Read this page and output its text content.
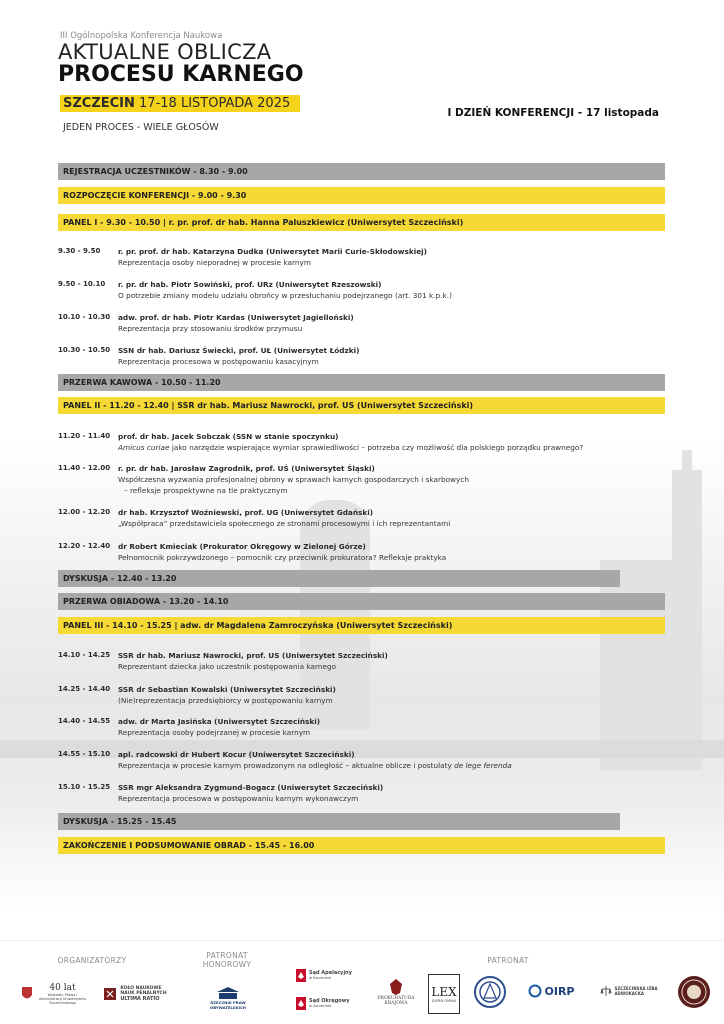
III Ogólnopolska Konferencja Naukowa
AKTUALNE OBLICZA
PROCESU KARNEGO
SZCZECIN 17-18 LISTOPADA 2025
JEDEN PROCES - WIELE GŁOSÓW
I DZIEŃ KONFERENCJI - 17 listopada
REJESTRACJA UCZESTNIKÓW - 8.30 - 9.00
ROZPOCZĘCIE KONFERENCJI - 9.00 - 9.30
PANEL I - 9.30 - 10.50 | r. pr. prof. dr hab. Hanna Paluszkiewicz (Uniwersytet Szczeciński)
9.30 - 9.50 r. pr. prof. dr hab. Katarzyna Dudka (Uniwersytet Marii Curie-Skłodowskiej)
Reprezentacja osoby nieporadnej w procesie karnym
9.50 - 10.10 r. pr. dr hab. Piotr Sowiński, prof. URz (Uniwersytet Rzeszowski)
O potrzebie zmiany modelu udziału obrońcy w przesłuchaniu podejrzanego (art. 301 k.p.k.)
10.10 - 10.30 adw. prof. dr hab. Piotr Kardas (Uniwersytet Jagielloński)
Reprezentacja przy stosowaniu środków przymusu
10.30 - 10.50 SSN dr hab. Dariusz Świecki, prof. UŁ (Uniwersytet Łódzki)
Reprezentacja procesowa w postępowaniu kasacyjnym
PRZERWA KAWOWA - 10.50 - 11.20
PANEL II - 11.20 - 12.40 | SSR dr hab. Mariusz Nawrocki, prof. US (Uniwersytet Szczeciński)
11.20 - 11.40 prof. dr hab. Jacek Sobczak (SSN w stanie spoczynku)
Amicus curiae jako narzędzie wspierające wymiar sprawiedliwości – potrzeba czy możliwość dla polskiego porządku prawnego?
11.40 - 12.00 r. pr. dr hab. Jarosław Zagrodnik, prof. UŚ (Uniwersytet Śląski)
Współczesna wyzwania profesjonalnej obrony w sprawach karnych gospodarczych i skarbowych
– refleksje prospektywne na tle praktycznym
12.00 - 12.20 dr hab. Krzysztof Woźniewski, prof. UG (Uniwersytet Gdański)
„Współpraca” przedstawiciela społecznego ze stronami procesowymi i ich reprezentantami
12.20 - 12.40 dr Robert Kmieciak (Prokurator Okręgowy w Zielonej Górze)
Pełnomocnik pokrzywdzonego – pomocnik czy przeciwnik prokuratora? Refleksje praktyka
DYSKUSJA - 12.40 - 13.20
PRZERWA OBIADOWA - 13.20 - 14.10
PANEL III - 14.10 - 15.25 | adw. dr Magdalena Zamroczyńska (Uniwersytet Szczeciński)
14.10 - 14.25 SSR dr hab. Mariusz Nawrocki, prof. US (Uniwersytet Szczeciński)
Reprezentant dziecka jako uczestnik postępowania karnego
14.25 - 14.40 SSR dr Sebastian Kowalski (Uniwersytet Szczeciński)
(Nie)reprezentacja przedsiębiorcy w postępowaniu karnym
14.40 - 14.55 adw. dr Marta Jasińska (Uniwersytet Szczeciński)
Reprezentacja osoby podejrzanej w procesie karnym
14.55 - 15.10 apl. radcowski dr Hubert Kocur (Uniwersytet Szczeciński)
Reprezentacja w procesie karnym prowadzonym na odległość – aktualne oblicze i postulaty de lege ferenda
15.10 - 15.25 SSR mgr Aleksandra Zygmund-Bogacz (Uniwersytet Szczeciński)
Reprezentacja procesowa w postępowaniu karnym wykonawczym
DYSKUSJA - 15.25 - 15.45
ZAKOŃCZENIE I PODSUMOWANIE OBRAD - 15.45 - 16.00
ORGANIZATORZY
PATRONAT
HONOROWY	PATRONAT
40 lat
Wydziału Prawa i Administracji Uniwersytetu Szczecińskiego
KOŁO NAUKOWE
NAUK PENALNYCH
ULTIMA RATIO
RZECZNIK PRAW OBYWATELSKICH
Sąd Apelacyjny
w Szczecinie
Sąd Okręgowy
w Szczecinie
PROKURATURA
KRAJOWA
LEX
SUPER OMNIA
OIRP	SZCZECIŃSKA IZBA
ADWOKACKA
